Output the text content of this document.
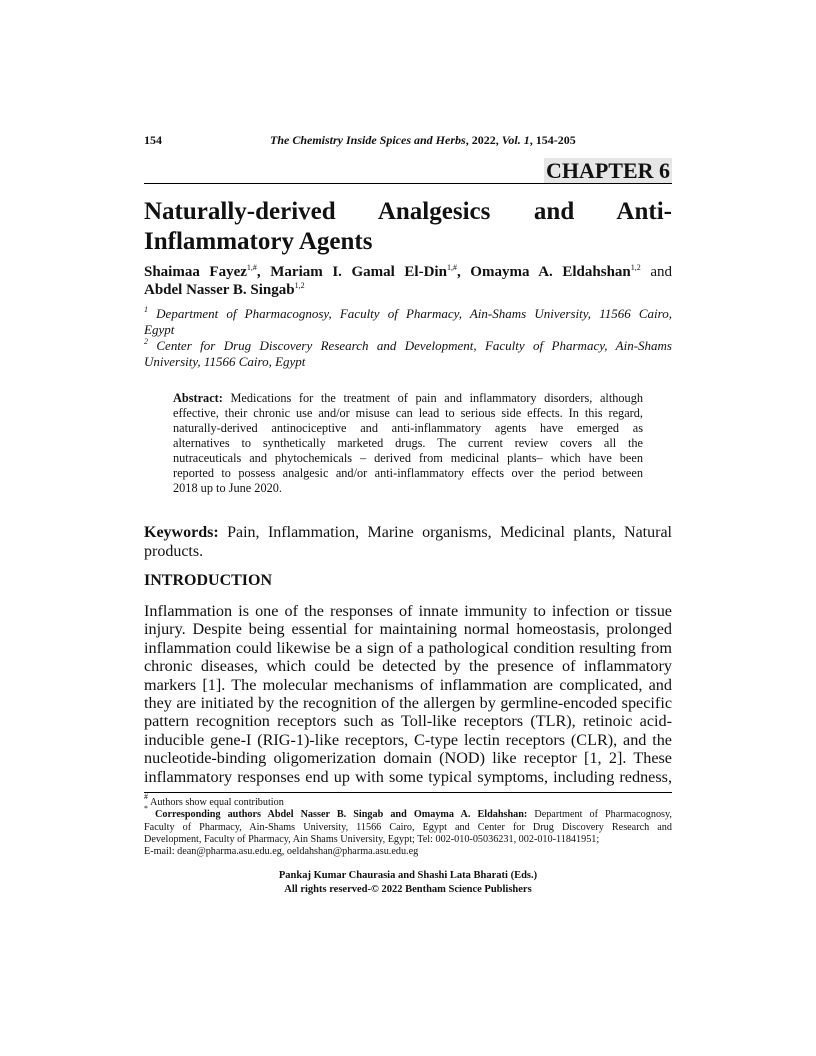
154	The Chemistry Inside Spices and Herbs, 2022, Vol. 1, 154-205
CHAPTER 6
Naturally-derived Analgesics and Anti-
Inflammatory Agents
Shaimaa Fayez$^{1,\#}$, Mariam I. Gamal El-Din$^{1,\#}$, Omayma A. Eldahshan$^{1,2}$ and
Abdel Nasser B. Singab$^{1,2}$
$^1$ Department of Pharmacognosy, Faculty of Pharmacy, Ain-Shams University, 11566 Cairo,
Egypt
$^2$ Center for Drug Discovery Research and Development, Faculty of Pharmacy, Ain-Shams
University, 11566 Cairo, Egypt
Abstract: Medications for the treatment of pain and inflammatory disorders, although
effective, their chronic use and/or misuse can lead to serious side effects. In this regard,
naturally-derived antinociceptive and anti-inflammatory agents have emerged as
alternatives to synthetically marketed drugs. The current review covers all the
nutraceuticals and phytochemicals – derived from medicinal plants– which have been
reported to possess analgesic and/or anti-inflammatory effects over the period between
2018 up to June 2020.
Keywords: Pain, Inflammation, Marine organisms, Medicinal plants, Natural
products.
INTRODUCTION
Inflammation is one of the responses of innate immunity to infection or tissue
injury. Despite being essential for maintaining normal homeostasis, prolonged
inflammation could likewise be a sign of a pathological condition resulting from
chronic diseases, which could be detected by the presence of inflammatory
markers [1]. The molecular mechanisms of inflammation are complicated, and
they are initiated by the recognition of the allergen by germline-encoded specific
pattern recognition receptors such as Toll-like receptors (TLR), retinoic acid-
inducible gene-I (RIG-1)-like receptors, C-type lectin receptors (CLR), and the
nucleotide-binding oligomerization domain (NOD) like receptor [1, 2]. These
inflammatory responses end up with some typical symptoms, including redness,
# Authors show equal contribution
* Corresponding authors Abdel Nasser B. Singab and Omayma A. Eldahshan: Department of Pharmacognosy,
Faculty of Pharmacy, Ain-Shams University, 11566 Cairo, Egypt and Center for Drug Discovery Research and
Development, Faculty of Pharmacy, Ain Shams University, Egypt; Tel: 002-010-05036231, 002-010-11841951;
E-mail: dean@pharma.asu.edu.eg, oeldahshan@pharma.asu.edu.eg
Pankaj Kumar Chaurasia and Shashi Lata Bharati (Eds.)
All rights reserved-© 2022 Bentham Science Publishers
